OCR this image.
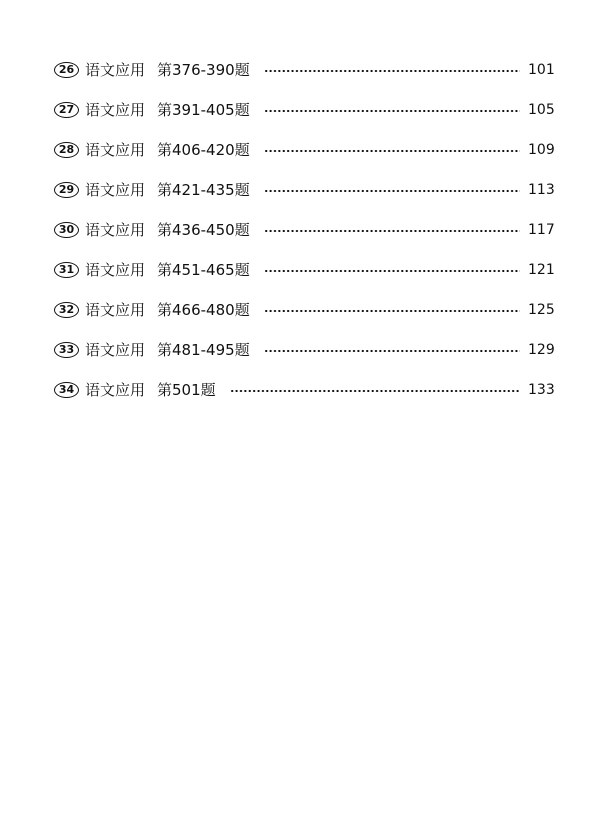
26 语文应用 第376-390题	101
27 语文应用 第391-405题	105
28 语文应用 第406-420题	109
29 语文应用 第421-435题	113
30 语文应用 第436-450题	117
31 语文应用 第451-465题	121
32 语文应用 第466-480题	125
33 语文应用 第481-495题	129
34 语文应用 第501题	133
